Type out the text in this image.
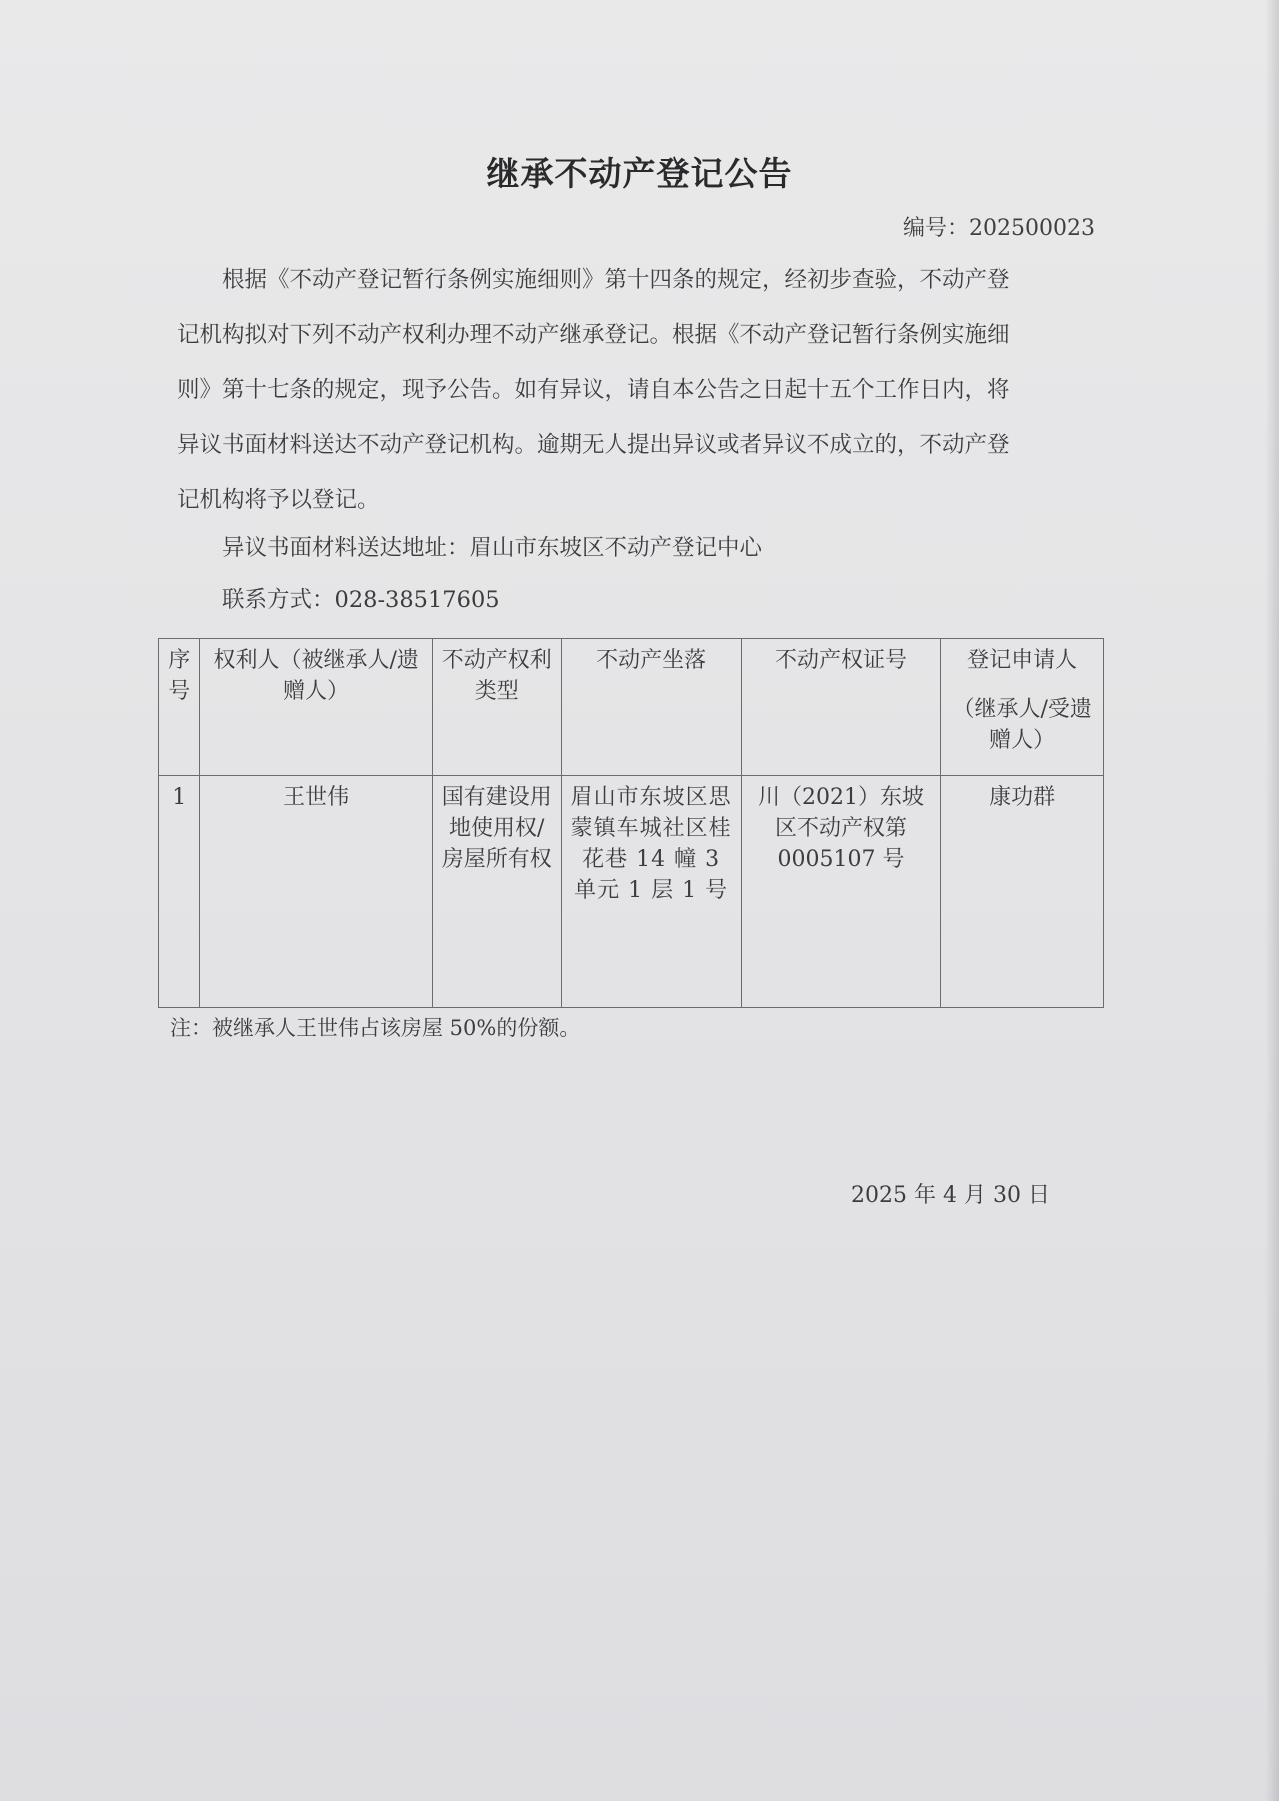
继承不动产登记公告
编号：202500023

根据《不动产登记暂行条例实施细则》第十四条的规定，经初步查验，不动产登记机构拟对下列不动产权利办理不动产继承登记。根据《不动产登记暂行条例实施细则》第十七条的规定，现予公告。如有异议，请自本公告之日起十五个工作日内，将异议书面材料送达不动产登记机构。逾期无人提出异议或者异议不成立的，不动产登记机构将予以登记。

异议书面材料送达地址：眉山市东坡区不动产登记中心
联系方式：028-38517605
序号	权利人（被继承人/遗赠人）	不动产权利类型	不动产坐落	不动产权证号	登记申请人
（继承人/受遗赠人）

1	王世伟	国有建设用地使用权/房屋所有权	眉山市东坡区思蒙镇车城社区桂花巷 14 幢 3 单元 1 层 1 号	川（2021）东坡区不动产权第 0005107 号	康功群
注：被继承人王世伟占该房屋 50%的份额。
2025 年 4 月 30 日
